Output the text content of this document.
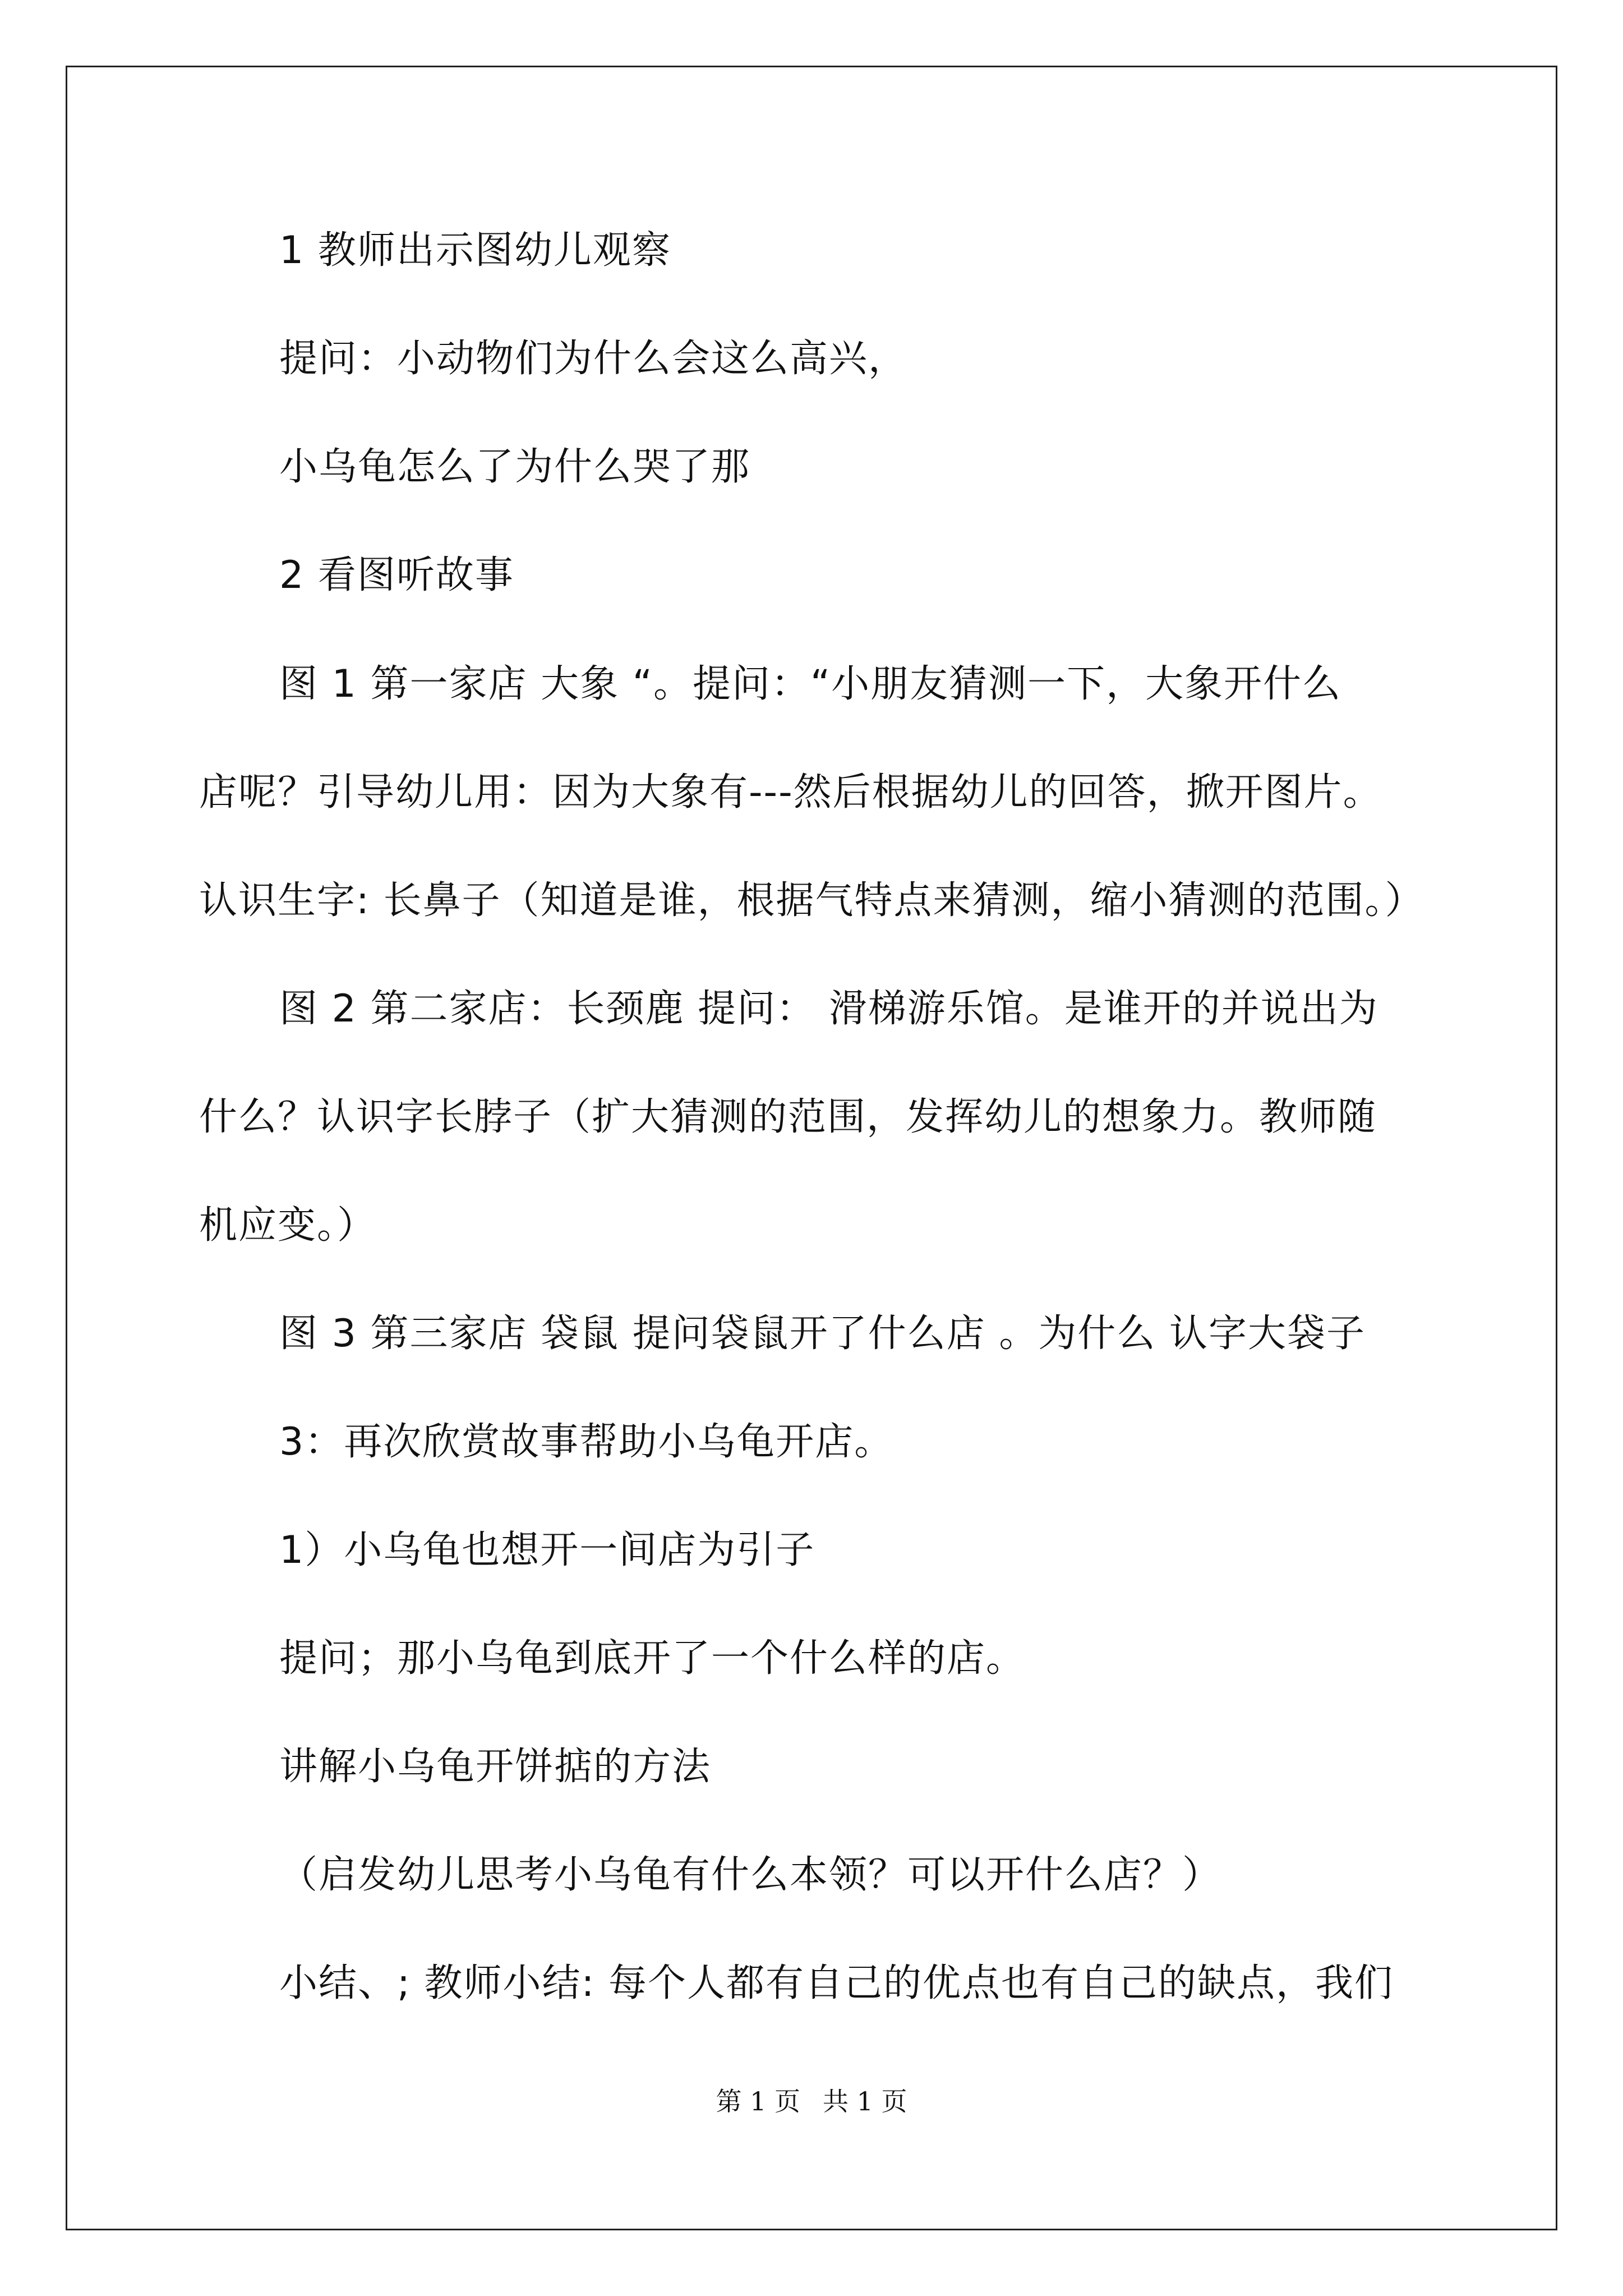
1 教师出示图幼儿观察

提问：小动物们为什么会这么高兴，

小乌龟怎么了为什么哭了那

2 看图听故事

图 1 第一家店 大象 “。提问：“小朋友猜测一下，大象开什么

店呢？引导幼儿用：因为大象有---然后根据幼儿的回答，掀开图片。

认识生字: 长鼻子（知道是谁，根据气特点来猜测，缩小猜测的范围。）

图 2 第二家店：长颈鹿 提问： 滑梯游乐馆。是谁开的并说出为

什么？认识字长脖子（扩大猜测的范围，发挥幼儿的想象力。教师随

机应变。）

图 3 第三家店 袋鼠 提问袋鼠开了什么店 。为什么 认字大袋子

3：再次欣赏故事帮助小乌龟开店。

1）小乌龟也想开一间店为引子

提问；那小乌龟到底开了一个什么样的店。

讲解小乌龟开饼掂的方法

（启发幼儿思考小乌龟有什么本领？可以开什么店？）

小结、; 教师小结: 每个人都有自己的优点也有自己的缺点，我们

第 1 页 共 1 页
